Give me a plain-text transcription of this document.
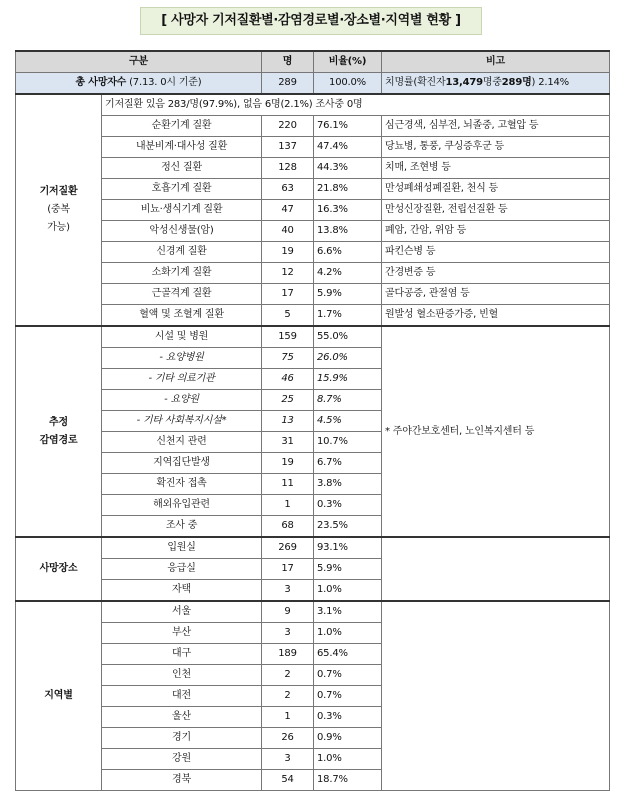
[ 사망자 기저질환별·감염경로별·장소별·지역별 현황 ]
구분		명	비율(%)	비고
총 사망자수 (7.13. 0시 기준)		289	100.0%	치명률(확진자13,479명중289명) 2.14%

기저질환
(중복
가능)	기저질환 있음 283/명(97.9%), 없음 6명(2.1%) 조사중 0명			
	순환기계 질환	220	76.1%	심근경색, 심부전, 뇌졸중, 고혈압 등
	내분비계·대사성 질환	137	47.4%	당뇨병, 통풍, 쿠싱증후군 등
	정신 질환	128	44.3%	치매, 조현병 등
	호흡기계 질환	63	21.8%	만성폐쇄성폐질환, 천식 등
	비뇨·생식기계 질환	47	16.3%	만성신장질환, 전립선질환 등
	악성신생물(암)	40	13.8%	폐암, 간암, 위암 등
	신경계 질환	19	6.6%	파킨슨병 등
	소화기계 질환	12	4.2%	간경변증 등
	근골격계 질환	17	5.9%	골다공증, 관절염 등
	혈액 및 조혈계 질환	5	1.7%	원발성 혈소판증가증, 빈혈
추정
감염경로	시설 및 병원	159	55.0%	* 주야간보호센터, 노인복지센터 등
	- 요양병원	75	26.0%	
	- 기타 의료기관	46	15.9%	
	- 요양원	25	8.7%	
	- 기타 사회복지시설*	13	4.5%	
	신천지 관련	31	10.7%	
	지역집단발생	19	6.7%	
	확진자 접촉	11	3.8%	
	해외유입관련	1	0.3%	
	조사 중	68	23.5%	
사망장소	입원실	269	93.1%	
	응급실	17	5.9%	
	자택	3	1.0%	
지역별	서울	9	3.1%	
	부산	3	1.0%	
	대구	189	65.4%	
	인천	2	0.7%	
	대전	2	0.7%	
	울산	1	0.3%	
	경기	26	0.9%	
	강원	3	1.0%	
	경북	54	18.7%	
